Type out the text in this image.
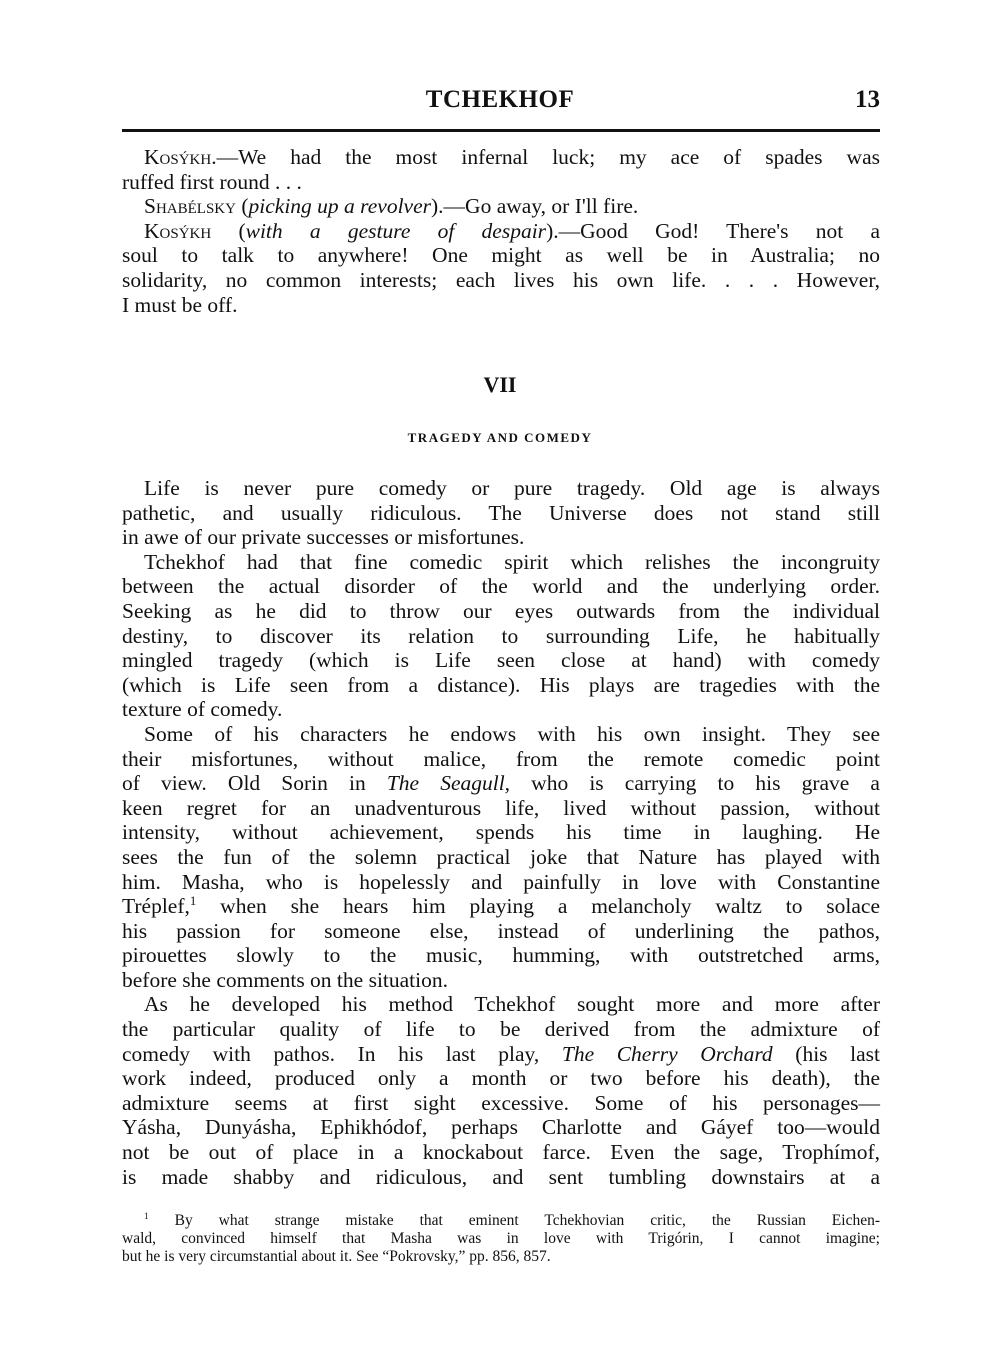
TCHEKHOF	13
Kosýkh.—We had the most infernal luck; my ace of spades was
ruffed first round . . .
Shabélsky (picking up a revolver).—Go away, or I'll fire.
Kosýkh (with a gesture of despair).—Good God! There's not a
soul to talk to anywhere! One might as well be in Australia; no
solidarity, no common interests; each lives his own life. . . . However,
I must be off.
VII
TRAGEDY AND COMEDY
Life is never pure comedy or pure tragedy. Old age is always
pathetic, and usually ridiculous. The Universe does not stand still
in awe of our private successes or misfortunes.
Tchekhof had that fine comedic spirit which relishes the incongruity
between the actual disorder of the world and the underlying order.
Seeking as he did to throw our eyes outwards from the individual
destiny, to discover its relation to surrounding Life, he habitually
mingled tragedy (which is Life seen close at hand) with comedy
(which is Life seen from a distance). His plays are tragedies with the
texture of comedy.
Some of his characters he endows with his own insight. They see
their misfortunes, without malice, from the remote comedic point
of view. Old Sorin in The Seagull, who is carrying to his grave a
keen regret for an unadventurous life, lived without passion, without
intensity, without achievement, spends his time in laughing. He
sees the fun of the solemn practical joke that Nature has played with
him. Masha, who is hopelessly and painfully in love with Constantine
Tréplef,$^1$ when she hears him playing a melancholy waltz to solace
his passion for someone else, instead of underlining the pathos,
pirouettes slowly to the music, humming, with outstretched arms,
before she comments on the situation.
As he developed his method Tchekhof sought more and more after
the particular quality of life to be derived from the admixture of
comedy with pathos. In his last play, The Cherry Orchard (his last
work indeed, produced only a month or two before his death), the
admixture seems at first sight excessive. Some of his personages—
Yásha, Dunyásha, Ephikhódof, perhaps Charlotte and Gáyef too—would
not be out of place in a knockabout farce. Even the sage, Trophímof,
is made shabby and ridiculous, and sent tumbling downstairs at a
$^1$ By what strange mistake that eminent Tchekhovian critic, the Russian Eichen-
wald, convinced himself that Masha was in love with Trigórin, I cannot imagine;
but he is very circumstantial about it. See “Pokrovsky,” pp. 856, 857.
